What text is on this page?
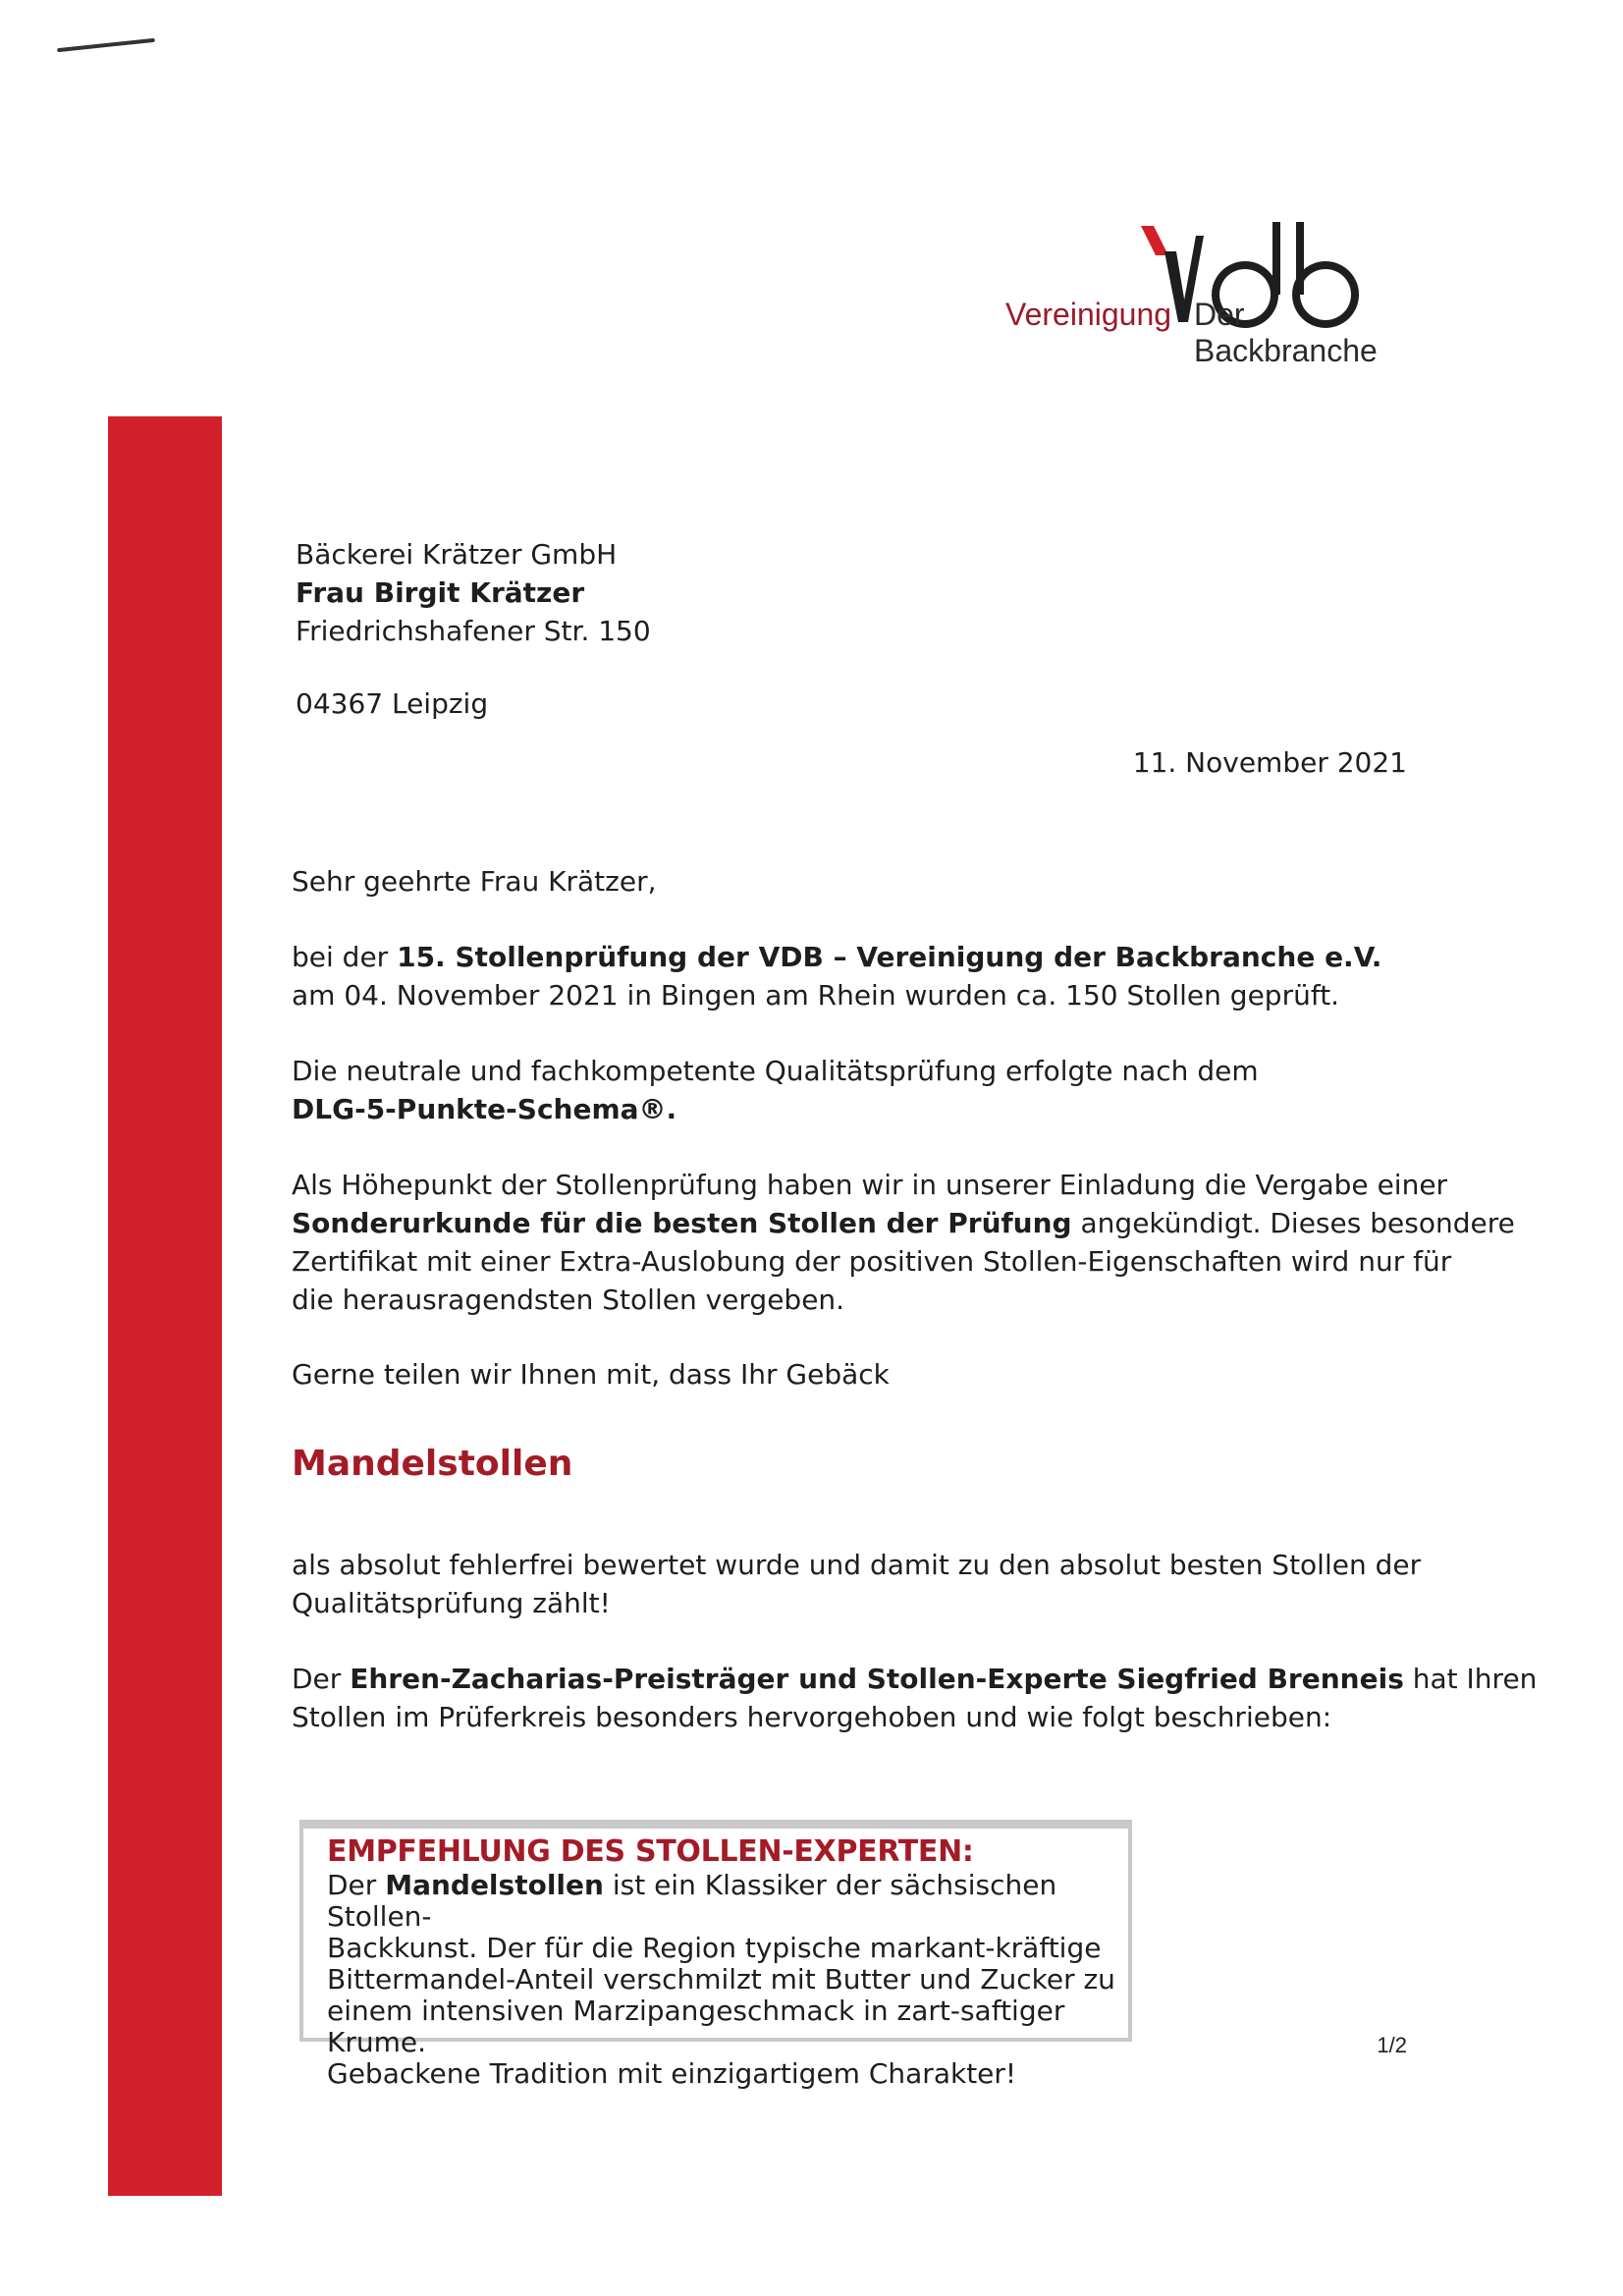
Vereinigung Der Backbranche
Bäckerei Krätzer GmbH
Frau Birgit Krätzer
Friedrichshafener Str. 150
04367 Leipzig
11. November 2021
Sehr geehrte Frau Krätzer,
bei der 15. Stollenprüfung der VDB – Vereinigung der Backbranche e.V.
am 04. November 2021 in Bingen am Rhein wurden ca. 150 Stollen geprüft.
Die neutrale und fachkompetente Qualitätsprüfung erfolgte nach dem
DLG-5-Punkte-Schema®.
Als Höhepunkt der Stollenprüfung haben wir in unserer Einladung die Vergabe einer
Sonderurkunde für die besten Stollen der Prüfung angekündigt. Dieses besondere
Zertifikat mit einer Extra-Auslobung der positiven Stollen-Eigenschaften wird nur für
die herausragendsten Stollen vergeben.
Gerne teilen wir Ihnen mit, dass Ihr Gebäck
Mandelstollen
als absolut fehlerfrei bewertet wurde und damit zu den absolut besten Stollen der
Qualitätsprüfung zählt!
Der Ehren-Zacharias-Preisträger und Stollen-Experte Siegfried Brenneis hat Ihren
Stollen im Prüferkreis besonders hervorgehoben und wie folgt beschrieben:
EMPFEHLUNG DES STOLLEN-EXPERTEN:
Der Mandelstollen ist ein Klassiker der sächsischen Stollen-
Backkunst. Der für die Region typische markant-kräftige
Bittermandel-Anteil verschmilzt mit Butter und Zucker zu
einem intensiven Marzipangeschmack in zart-saftiger Krume.
Gebackene Tradition mit einzigartigem Charakter!
1/2
